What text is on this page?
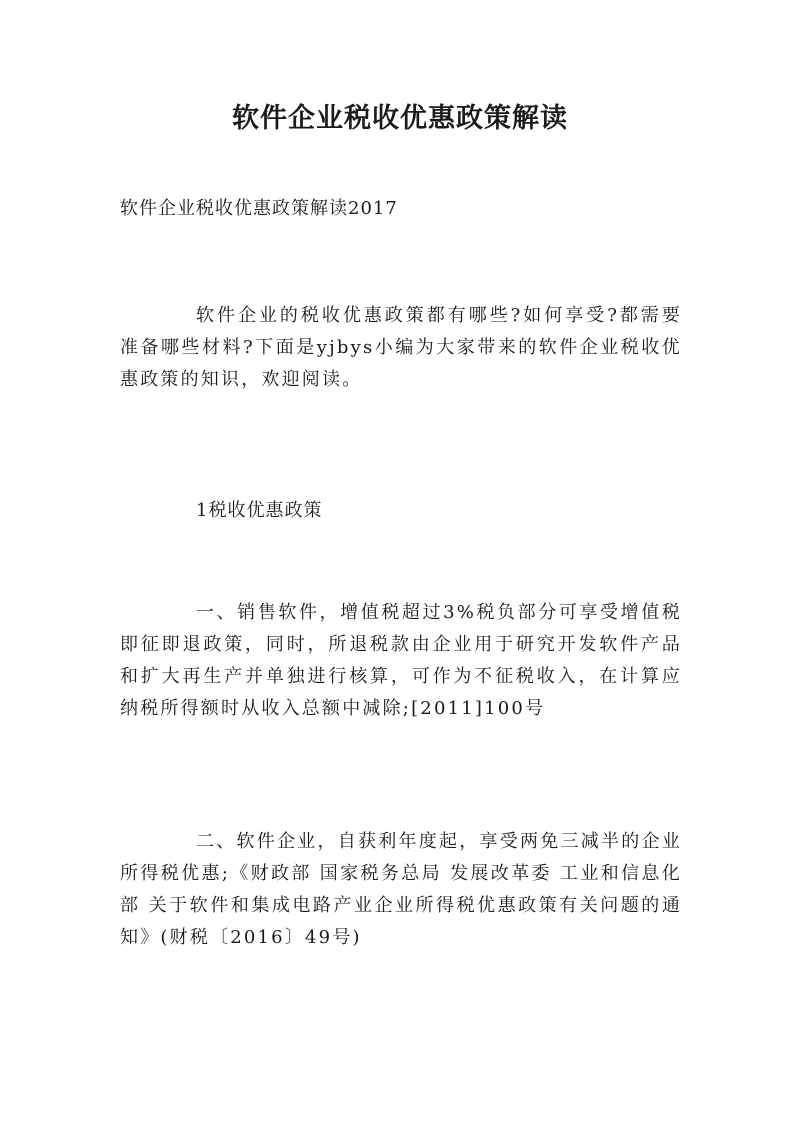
软件企业税收优惠政策解读
软件企业税收优惠政策解读2017

软件企业的税收优惠政策都有哪些?如何享受?都需要准备哪些材料?下面是yjbys小编为大家带来的软件企业税收优惠政策的知识，欢迎阅读。

1税收优惠政策

一、销售软件，增值税超过3%税负部分可享受增值税即征即退政策，同时，所退税款由企业用于研究开发软件产品和扩大再生产并单独进行核算，可作为不征税收入，在计算应纳税所得额时从收入总额中减除;[2011]100号

二、软件企业，自获利年度起，享受两免三减半的企业所得税优惠;《财政部 国家税务总局 发展改革委 工业和信息化部 关于软件和集成电路产业企业所得税优惠政策有关问题的通知》(财税〔2016〕49号)
